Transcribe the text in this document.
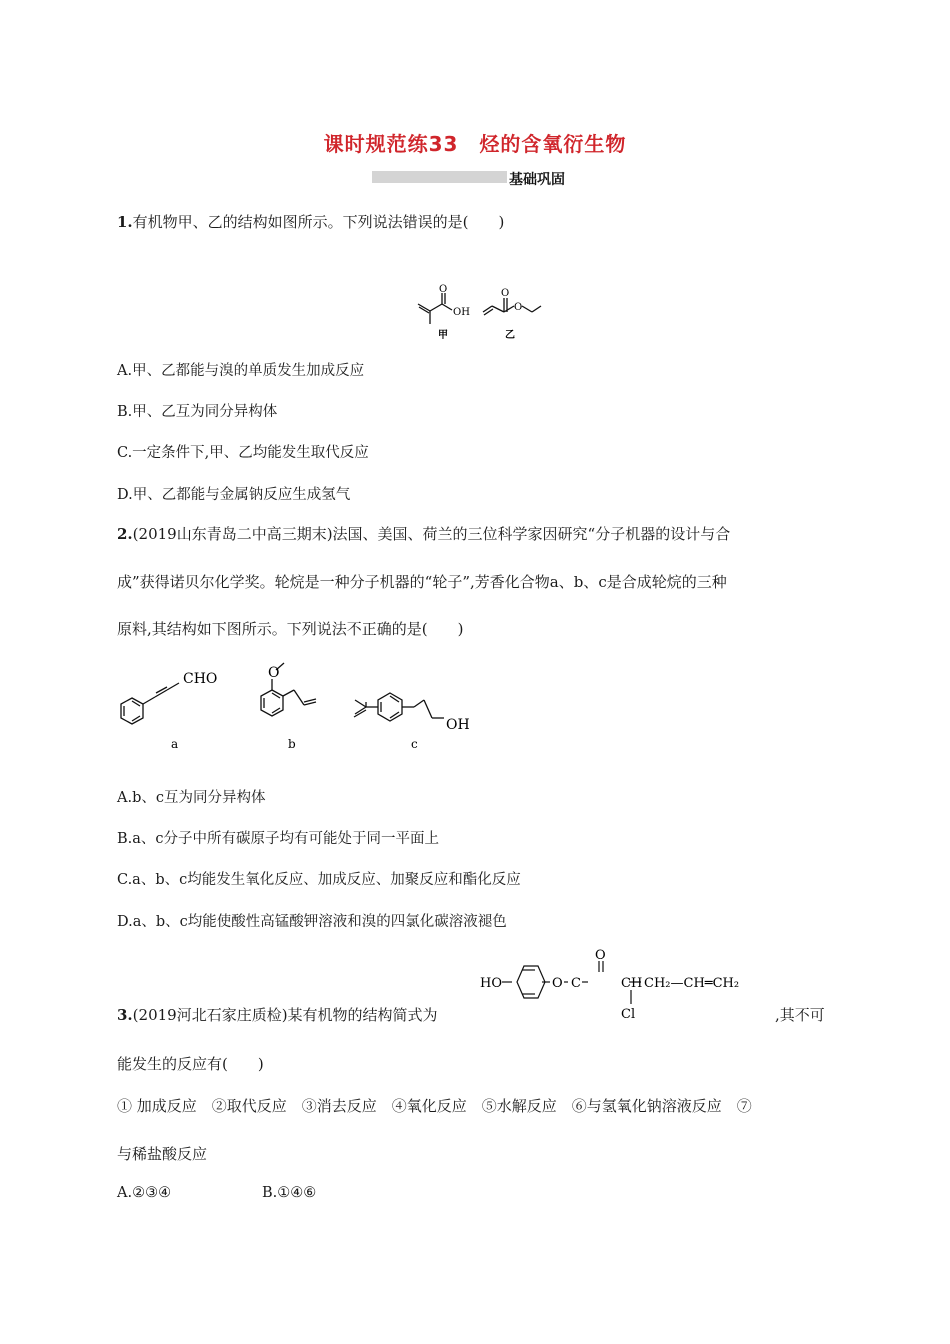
课时规范练33　烃的含氧衍生物
基础巩固
1.有机物甲、乙的结构如图所示。下列说法错误的是(　　)
O
OH
甲
O
O
乙
A.甲、乙都能与溴的单质发生加成反应
B.甲、乙互为同分异构体
C.一定条件下,甲、乙均能发生取代反应
D.甲、乙都能与金属钠反应生成氢气
2.(2019山东青岛二中高三期末)法国、美国、荷兰的三位科学家因研究“分子机器的设计与合
成”获得诺贝尔化学奖。轮烷是一种分子机器的“轮子”,芳香化合物a、b、c是合成轮烷的三种
原料,其结构如下图所示。下列说法不正确的是(　　)
CHO	O
OH
a	b	c
A.b、c互为同分异构体
B.a、c分子中所有碳原子均有可能处于同一平面上
C.a、b、c均能发生氧化反应、加成反应、加聚反应和酯化反应
D.a、b、c均能使酸性高锰酸钾溶液和溴的四氯化碳溶液褪色
HO	O C
O
CH
Cl
CH₂—CH═CH₂
3.(2019河北石家庄质检)某有机物的结构简式为	,其不可
能发生的反应有(　　)
① 加成反应　②取代反应　③消去反应　④氧化反应　⑤水解反应　⑥与氢氧化钠溶液反应　⑦
与稀盐酸反应
A.②③④	B.①④⑥
